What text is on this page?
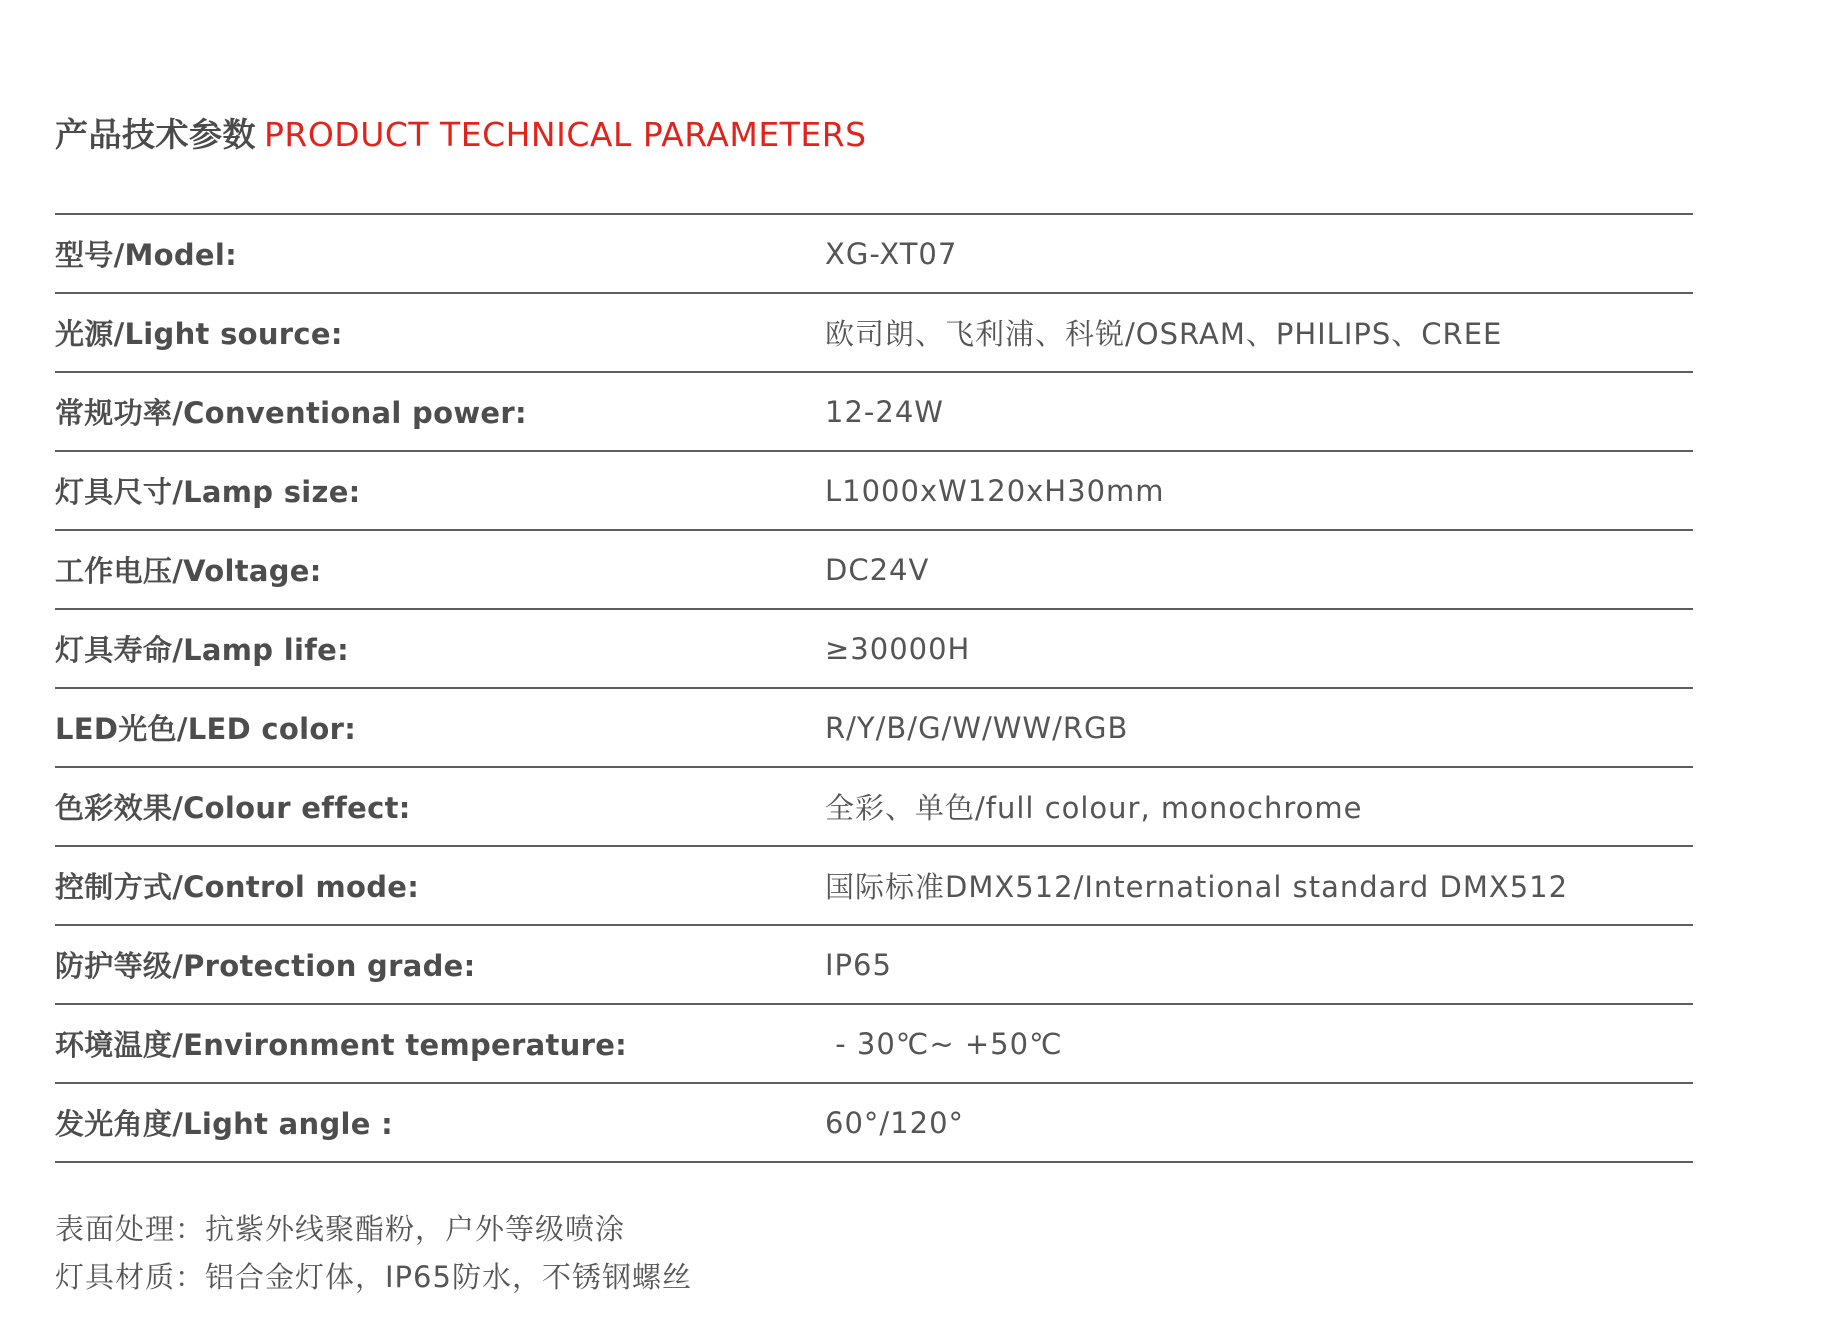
产品技术参数 PRODUCT TECHNICAL PARAMETERS
型号/Model:	XG-XT07
光源/Light source:	欧司朗、飞利浦、科锐/OSRAM、PHILIPS、CREE
常规功率/Conventional power:	12-24W
灯具尺寸/Lamp size:	L1000xW120xH30mm
工作电压/Voltage:	DC24V
灯具寿命/Lamp life:	≥30000H
LED光色/LED color:	R/Y/B/G/W/WW/RGB
色彩效果/Colour effect:	全彩、单色/full colour, monochrome
控制方式/Control mode:	国际标准DMX512/International standard DMX512
防护等级/Protection grade:	IP65
环境温度/Environment temperature:	- 30℃~ +50℃
发光角度/Light angle :	60°/120°
表面处理：抗紫外线聚酯粉，户外等级喷涂
灯具材质：铝合金灯体，IP65防水，不锈钢螺丝
